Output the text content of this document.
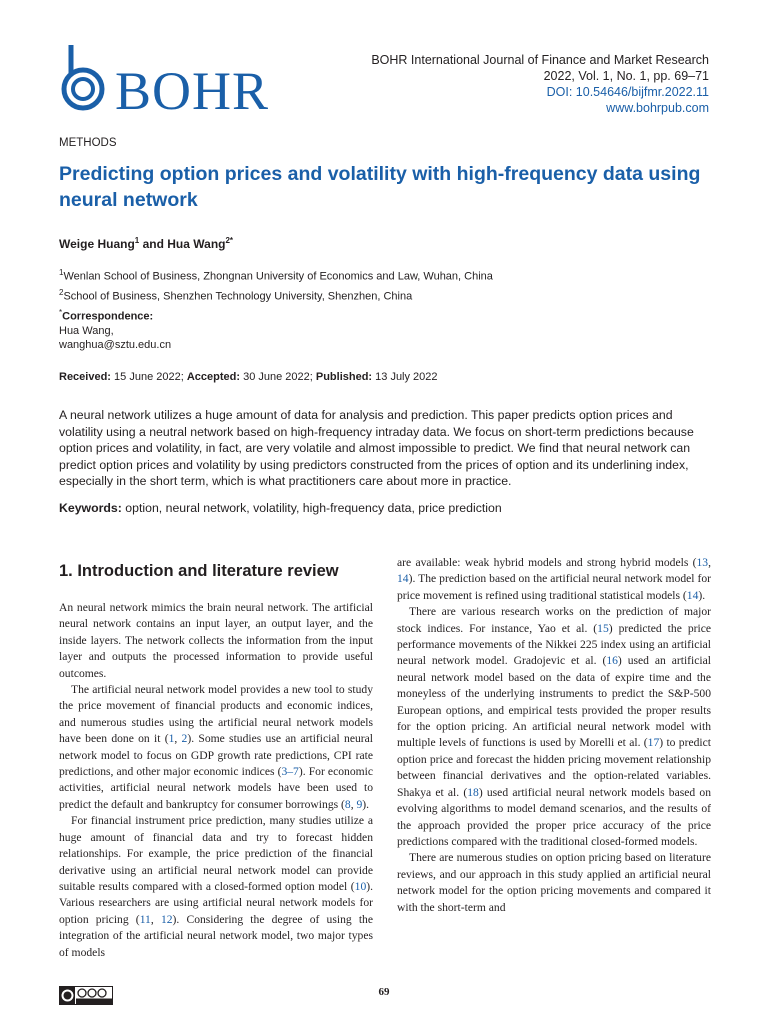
BOHR
BOHR International Journal of Finance and Market Research
2022, Vol. 1, No. 1, pp. 69–71
DOI: 10.54646/bijfmr.2022.11
www.bohrpub.com
METHODS
Predicting option prices and volatility with high-frequency data using neural network
Weige Huang$^1$ and Hua Wang$^{2*}$
$^1$Wenlan School of Business, Zhongnan University of Economics and Law, Wuhan, China
$^2$School of Business, Shenzhen Technology University, Shenzhen, China
*Correspondence:
Hua Wang,
wanghua@sztu.edu.cn
Received: 15 June 2022; Accepted: 30 June 2022; Published: 13 July 2022

A neural network utilizes a huge amount of data for analysis and prediction. This paper predicts option prices and volatility using a neutral network based on high-frequency intraday data. We focus on short-term predictions because option prices and volatility, in fact, are very volatile and almost impossible to predict. We find that neural network can predict option prices and volatility by using predictors constructed from the prices of option and its underlining index, especially in the short term, which is what practitioners care about more in practice.

Keywords: option, neural network, volatility, high-frequency data, price prediction
1. Introduction and literature review

An neural network mimics the brain neural network. The artificial neural network contains an input layer, an output layer, and the inside layers. The network collects the information from the input layer and outputs the processed information to provide useful outcomes.

The artificial neural network model provides a new tool to study the price movement of financial products and economic indices, and numerous studies using the artificial neural network models have been done on it (1, 2). Some studies use an artificial neural network model to focus on GDP growth rate predictions, CPI rate predictions, and other major economic indices (3–7). For economic activities, artificial neural network models have been used to predict the default and bankruptcy for consumer borrowings (8, 9).

For financial instrument price prediction, many studies utilize a huge amount of financial data and try to forecast hidden relationships. For example, the price prediction of the financial derivative using an artificial neural network model can provide suitable results compared with a closed-formed option model (10). Various researchers are using artificial neural network models for option pricing (11, 12). Considering the degree of using the integration of the artificial neural network model, two major types of models

are available: weak hybrid models and strong hybrid models (13, 14). The prediction based on the artificial neural network model for price movement is refined using traditional statistical models (14).

There are various research works on the prediction of major stock indices. For instance, Yao et al. (15) predicted the price performance movements of the Nikkei 225 index using an artificial neural network model. Gradojevic et al. (16) used an artificial neural network model based on the data of expire time and the moneyless of the underlying instruments to predict the S&P-500 European options, and empirical tests provided the proper results for the option pricing. An artificial neural network model with multiple levels of functions is used by Morelli et al. (17) to predict option price and forecast the hidden pricing movement relationship between financial derivatives and the option-related variables. Shakya et al. (18) used artificial neural network models based on evolving algorithms to model demand scenarios, and the results of the approach provided the proper price accuracy of the price predictions compared with the traditional closed-formed models.

There are numerous studies on option pricing based on literature reviews, and our approach in this study applied an artificial neural network model for the option pricing movements and compared it with the short-term and

69
